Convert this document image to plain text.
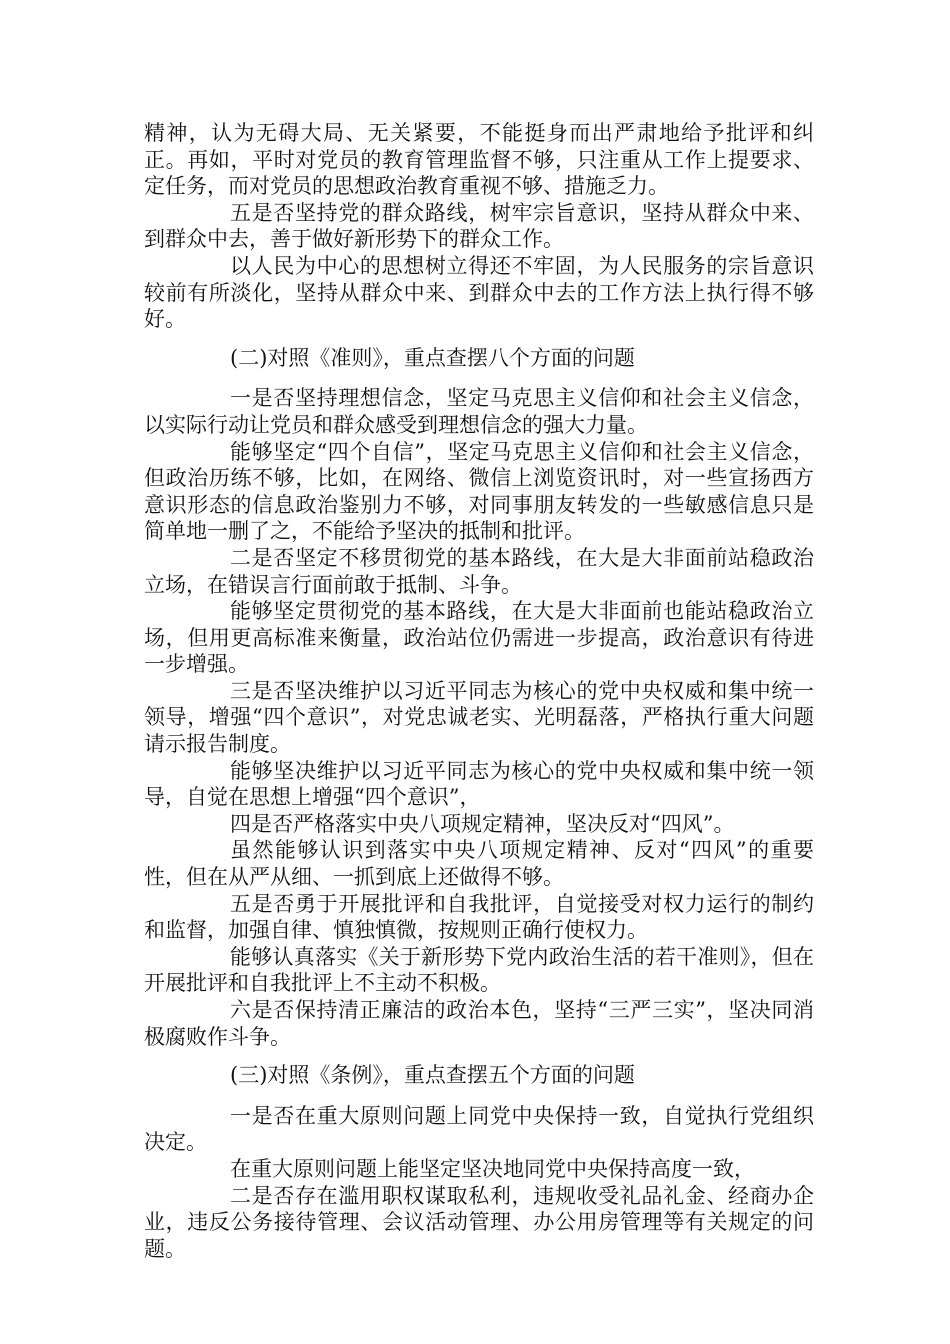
精神，认为无碍大局、无关紧要，不能挺身而出严肃地给予批评和纠正。再如，平时对党员的教育管理监督不够，只注重从工作上提要求、定任务，而对党员的思想政治教育重视不够、措施乏力。

五是否坚持党的群众路线，树牢宗旨意识，坚持从群众中来、到群众中去，善于做好新形势下的群众工作。

以人民为中心的思想树立得还不牢固，为人民服务的宗旨意识较前有所淡化，坚持从群众中来、到群众中去的工作方法上执行得不够好。

(二)对照《准则》，重点查摆八个方面的问题

一是否坚持理想信念，坚定马克思主义信仰和社会主义信念，以实际行动让党员和群众感受到理想信念的强大力量。

能够坚定“四个自信”，坚定马克思主义信仰和社会主义信念，但政治历练不够，比如，在网络、微信上浏览资讯时，对一些宣扬西方意识形态的信息政治鉴别力不够，对同事朋友转发的一些敏感信息只是简单地一删了之，不能给予坚决的抵制和批评。

二是否坚定不移贯彻党的基本路线，在大是大非面前站稳政治立场，在错误言行面前敢于抵制、斗争。

能够坚定贯彻党的基本路线，在大是大非面前也能站稳政治立场，但用更高标准来衡量，政治站位仍需进一步提高，政治意识有待进一步增强。

三是否坚决维护以习近平同志为核心的党中央权威和集中统一领导，增强“四个意识”，对党忠诚老实、光明磊落，严格执行重大问题请示报告制度。

能够坚决维护以习近平同志为核心的党中央权威和集中统一领导，自觉在思想上增强“四个意识”，

四是否严格落实中央八项规定精神，坚决反对“四风”。

虽然能够认识到落实中央八项规定精神、反对“四风”的重要性，但在从严从细、一抓到底上还做得不够。

五是否勇于开展批评和自我批评，自觉接受对权力运行的制约和监督，加强自律、慎独慎微，按规则正确行使权力。

能够认真落实《关于新形势下党内政治生活的若干准则》，但在开展批评和自我批评上不主动不积极。

六是否保持清正廉洁的政治本色，坚持“三严三实”，坚决同消极腐败作斗争。

(三)对照《条例》，重点查摆五个方面的问题

一是否在重大原则问题上同党中央保持一致，自觉执行党组织决定。

在重大原则问题上能坚定坚决地同党中央保持高度一致，

二是否存在滥用职权谋取私利，违规收受礼品礼金、经商办企业，违反公务接待管理、会议活动管理、办公用房管理等有关规定的问题。
